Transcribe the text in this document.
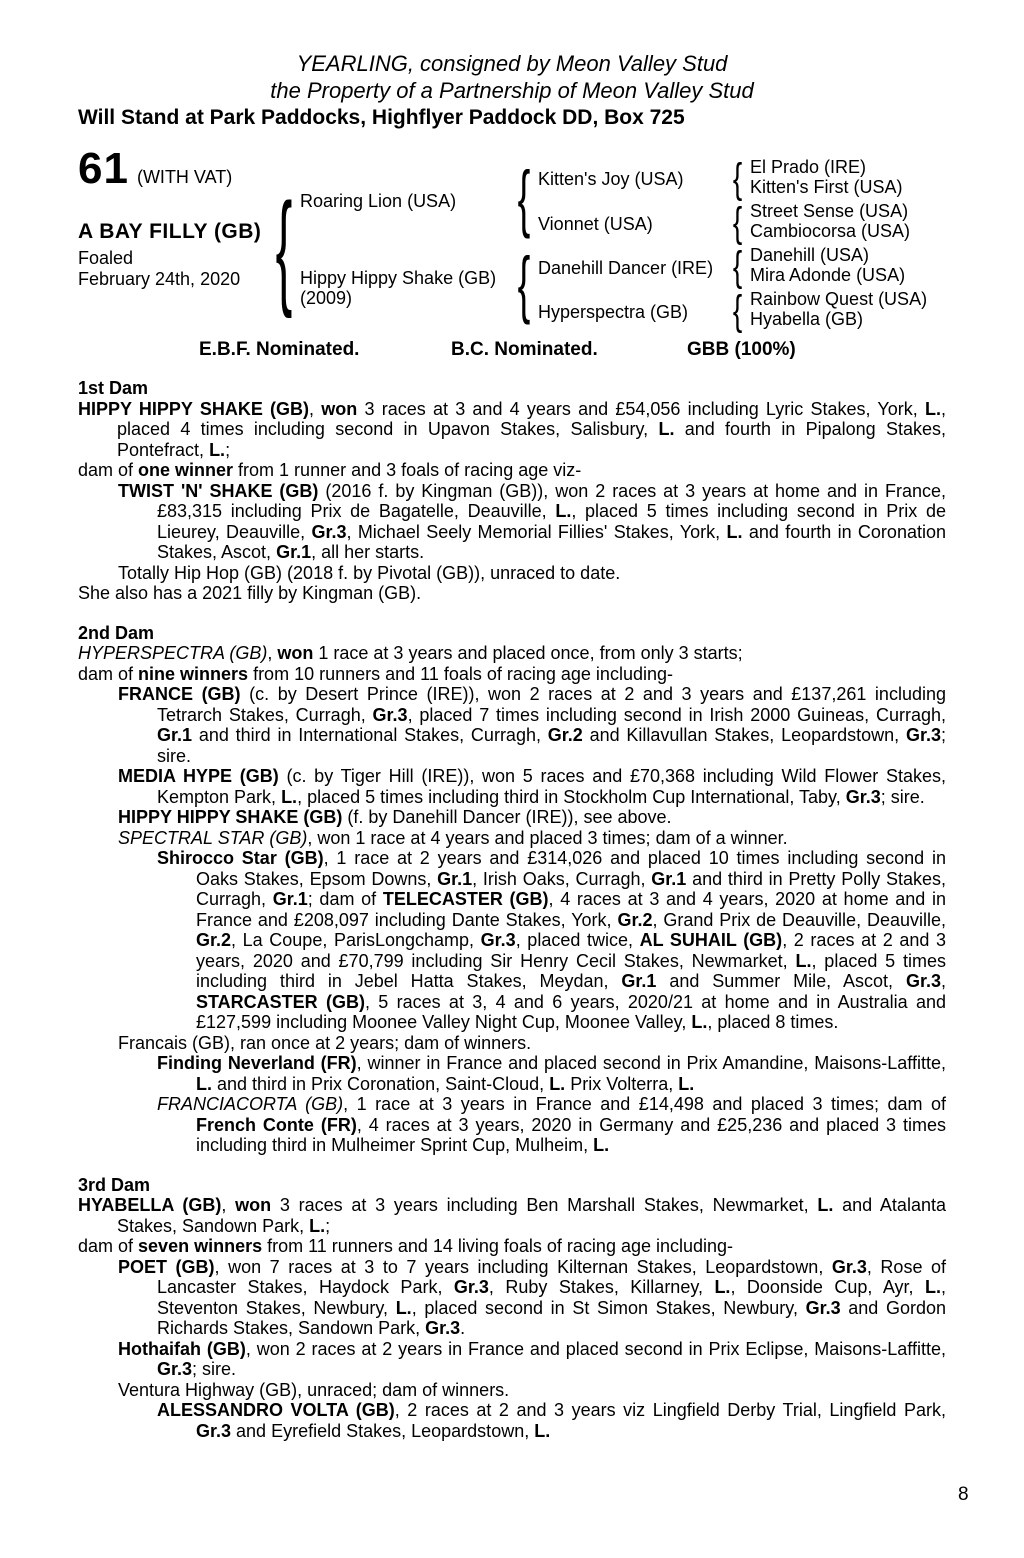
YEARLING, consigned by Meon Valley Stud
the Property of a Partnership of Meon Valley Stud
Will Stand at Park Paddocks, Highflyer Paddock DD, Box 725
61 (WITH VAT)
A BAY FILLY (GB)
Foaled
February 24th, 2020
{
Roaring Lion (USA)
Hippy Hippy Shake (GB)
(2009)
{
{
Kitten's Joy (USA)
Vionnet (USA)
Danehill Dancer (IRE)
Hyperspectra (GB)
{
{
{
{
El Prado (IRE)
Kitten's First (USA)
Street Sense (USA)
Cambiocorsa (USA)
Danehill (USA)
Mira Adonde (USA)
Rainbow Quest (USA)
Hyabella (GB)
E.B.F. Nominated.	B.C. Nominated.	GBB (100%)
1st Dam

HIPPY HIPPY SHAKE (GB), won 3 races at 3 and 4 years and £54,056 including Lyric Stakes, York, L., placed 4 times including second in Upavon Stakes, Salisbury, L. and fourth in Pipalong Stakes, Pontefract, L.;

dam of one winner from 1 runner and 3 foals of racing age viz-

TWIST 'N' SHAKE (GB) (2016 f. by Kingman (GB)), won 2 races at 3 years at home and in France, £83,315 including Prix de Bagatelle, Deauville, L., placed 5 times including second in Prix de Lieurey, Deauville, Gr.3, Michael Seely Memorial Fillies' Stakes, York, L. and fourth in Coronation Stakes, Ascot, Gr.1, all her starts.

Totally Hip Hop (GB) (2018 f. by Pivotal (GB)), unraced to date.

She also has a 2021 filly by Kingman (GB).

2nd Dam

HYPERSPECTRA (GB), won 1 race at 3 years and placed once, from only 3 starts;

dam of nine winners from 10 runners and 11 foals of racing age including-

FRANCE (GB) (c. by Desert Prince (IRE)), won 2 races at 2 and 3 years and £137,261 including Tetrarch Stakes, Curragh, Gr.3, placed 7 times including second in Irish 2000 Guineas, Curragh, Gr.1 and third in International Stakes, Curragh, Gr.2 and Killavullan Stakes, Leopardstown, Gr.3; sire.

MEDIA HYPE (GB) (c. by Tiger Hill (IRE)), won 5 races and £70,368 including Wild Flower Stakes, Kempton Park, L., placed 5 times including third in Stockholm Cup International, Taby, Gr.3; sire.

HIPPY HIPPY SHAKE (GB) (f. by Danehill Dancer (IRE)), see above.

SPECTRAL STAR (GB), won 1 race at 4 years and placed 3 times; dam of a winner.

Shirocco Star (GB), 1 race at 2 years and £314,026 and placed 10 times including second in Oaks Stakes, Epsom Downs, Gr.1, Irish Oaks, Curragh, Gr.1 and third in Pretty Polly Stakes, Curragh, Gr.1; dam of TELECASTER (GB), 4 races at 3 and 4 years, 2020 at home and in France and £208,097 including Dante Stakes, York, Gr.2, Grand Prix de Deauville, Deauville, Gr.2, La Coupe, ParisLongchamp, Gr.3, placed twice, AL SUHAIL (GB), 2 races at 2 and 3 years, 2020 and £70,799 including Sir Henry Cecil Stakes, Newmarket, L., placed 5 times including third in Jebel Hatta Stakes, Meydan, Gr.1 and Summer Mile, Ascot, Gr.3, STARCASTER (GB), 5 races at 3, 4 and 6 years, 2020/21 at home and in Australia and £127,599 including Moonee Valley Night Cup, Moonee Valley, L., placed 8 times.

Francais (GB), ran once at 2 years; dam of winners.

Finding Neverland (FR), winner in France and placed second in Prix Amandine, Maisons-Laffitte, L. and third in Prix Coronation, Saint-Cloud, L. Prix Volterra, L.

FRANCIACORTA (GB), 1 race at 3 years in France and £14,498 and placed 3 times; dam of French Conte (FR), 4 races at 3 years, 2020 in Germany and £25,236 and placed 3 times including third in Mulheimer Sprint Cup, Mulheim, L.

3rd Dam

HYABELLA (GB), won 3 races at 3 years including Ben Marshall Stakes, Newmarket, L. and Atalanta Stakes, Sandown Park, L.;

dam of seven winners from 11 runners and 14 living foals of racing age including-

POET (GB), won 7 races at 3 to 7 years including Kilternan Stakes, Leopardstown, Gr.3, Rose of Lancaster Stakes, Haydock Park, Gr.3, Ruby Stakes, Killarney, L., Doonside Cup, Ayr, L., Steventon Stakes, Newbury, L., placed second in St Simon Stakes, Newbury, Gr.3 and Gordon Richards Stakes, Sandown Park, Gr.3.

Hothaifah (GB), won 2 races at 2 years in France and placed second in Prix Eclipse, Maisons-Laffitte, Gr.3; sire.

Ventura Highway (GB), unraced; dam of winners.

ALESSANDRO VOLTA (GB), 2 races at 2 and 3 years viz Lingfield Derby Trial, Lingfield Park, Gr.3 and Eyrefield Stakes, Leopardstown, L.

8
